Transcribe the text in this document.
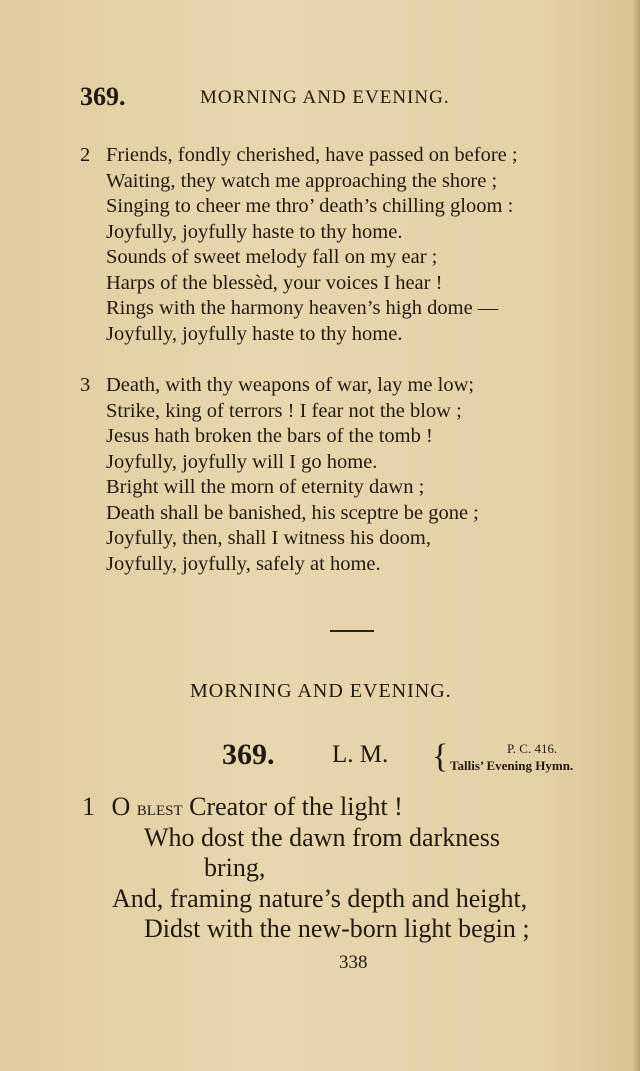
369.	MORNING AND EVENING.
2 Friends, fondly cherished, have passed on before ;
Waiting, they watch me approaching the shore ;
Singing to cheer me thro’ death’s chilling gloom :
Joyfully, joyfully haste to thy home.
Sounds of sweet melody fall on my ear ;
Harps of the blessèd, your voices I hear !
Rings with the harmony heaven’s high dome —
Joyfully, joyfully haste to thy home.
3 Death, with thy weapons of war, lay me low;
Strike, king of terrors ! I fear not the blow ;
Jesus hath broken the bars of the tomb !
Joyfully, joyfully will I go home.
Bright will the morn of eternity dawn ;
Death shall be banished, his sceptre be gone ;
Joyfully, then, shall I witness his doom,
Joyfully, joyfully, safely at home.
MORNING AND EVENING.
369. L. M. {	P. C. 416.
Tallis’ Evening Hymn.
1 O blest Creator of the light !
Who dost the dawn from darkness
bring,
And, framing nature’s depth and height,
Didst with the new-born light begin ;
338
